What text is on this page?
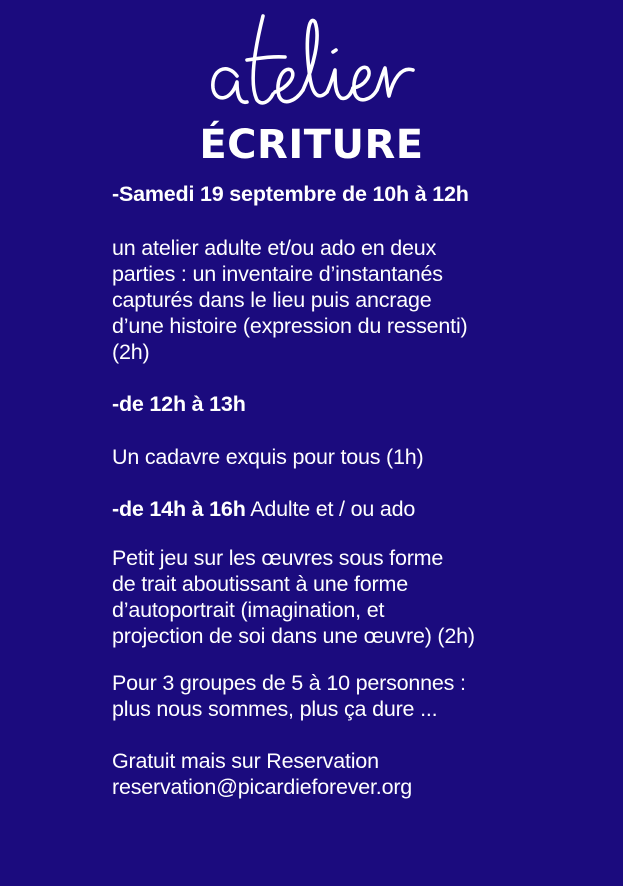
ÉCRITURE

-Samedi 19 septembre de 10h à 12h

un atelier adulte et/ou ado en deux
parties : un inventaire d’instantanés
capturés dans le lieu puis ancrage
d’une histoire (expression du ressenti)
(2h)

-de 12h à 13h

Un cadavre exquis pour tous (1h)

-de 14h à 16h Adulte et / ou ado

Petit jeu sur les œuvres sous forme
de trait aboutissant à une forme
d’autoportrait (imagination, et
projection de soi dans une œuvre) (2h)

Pour 3 groupes de 5 à 10 personnes :
plus nous sommes, plus ça dure ...

Gratuit mais sur Reservation
reservation@picardieforever.org
